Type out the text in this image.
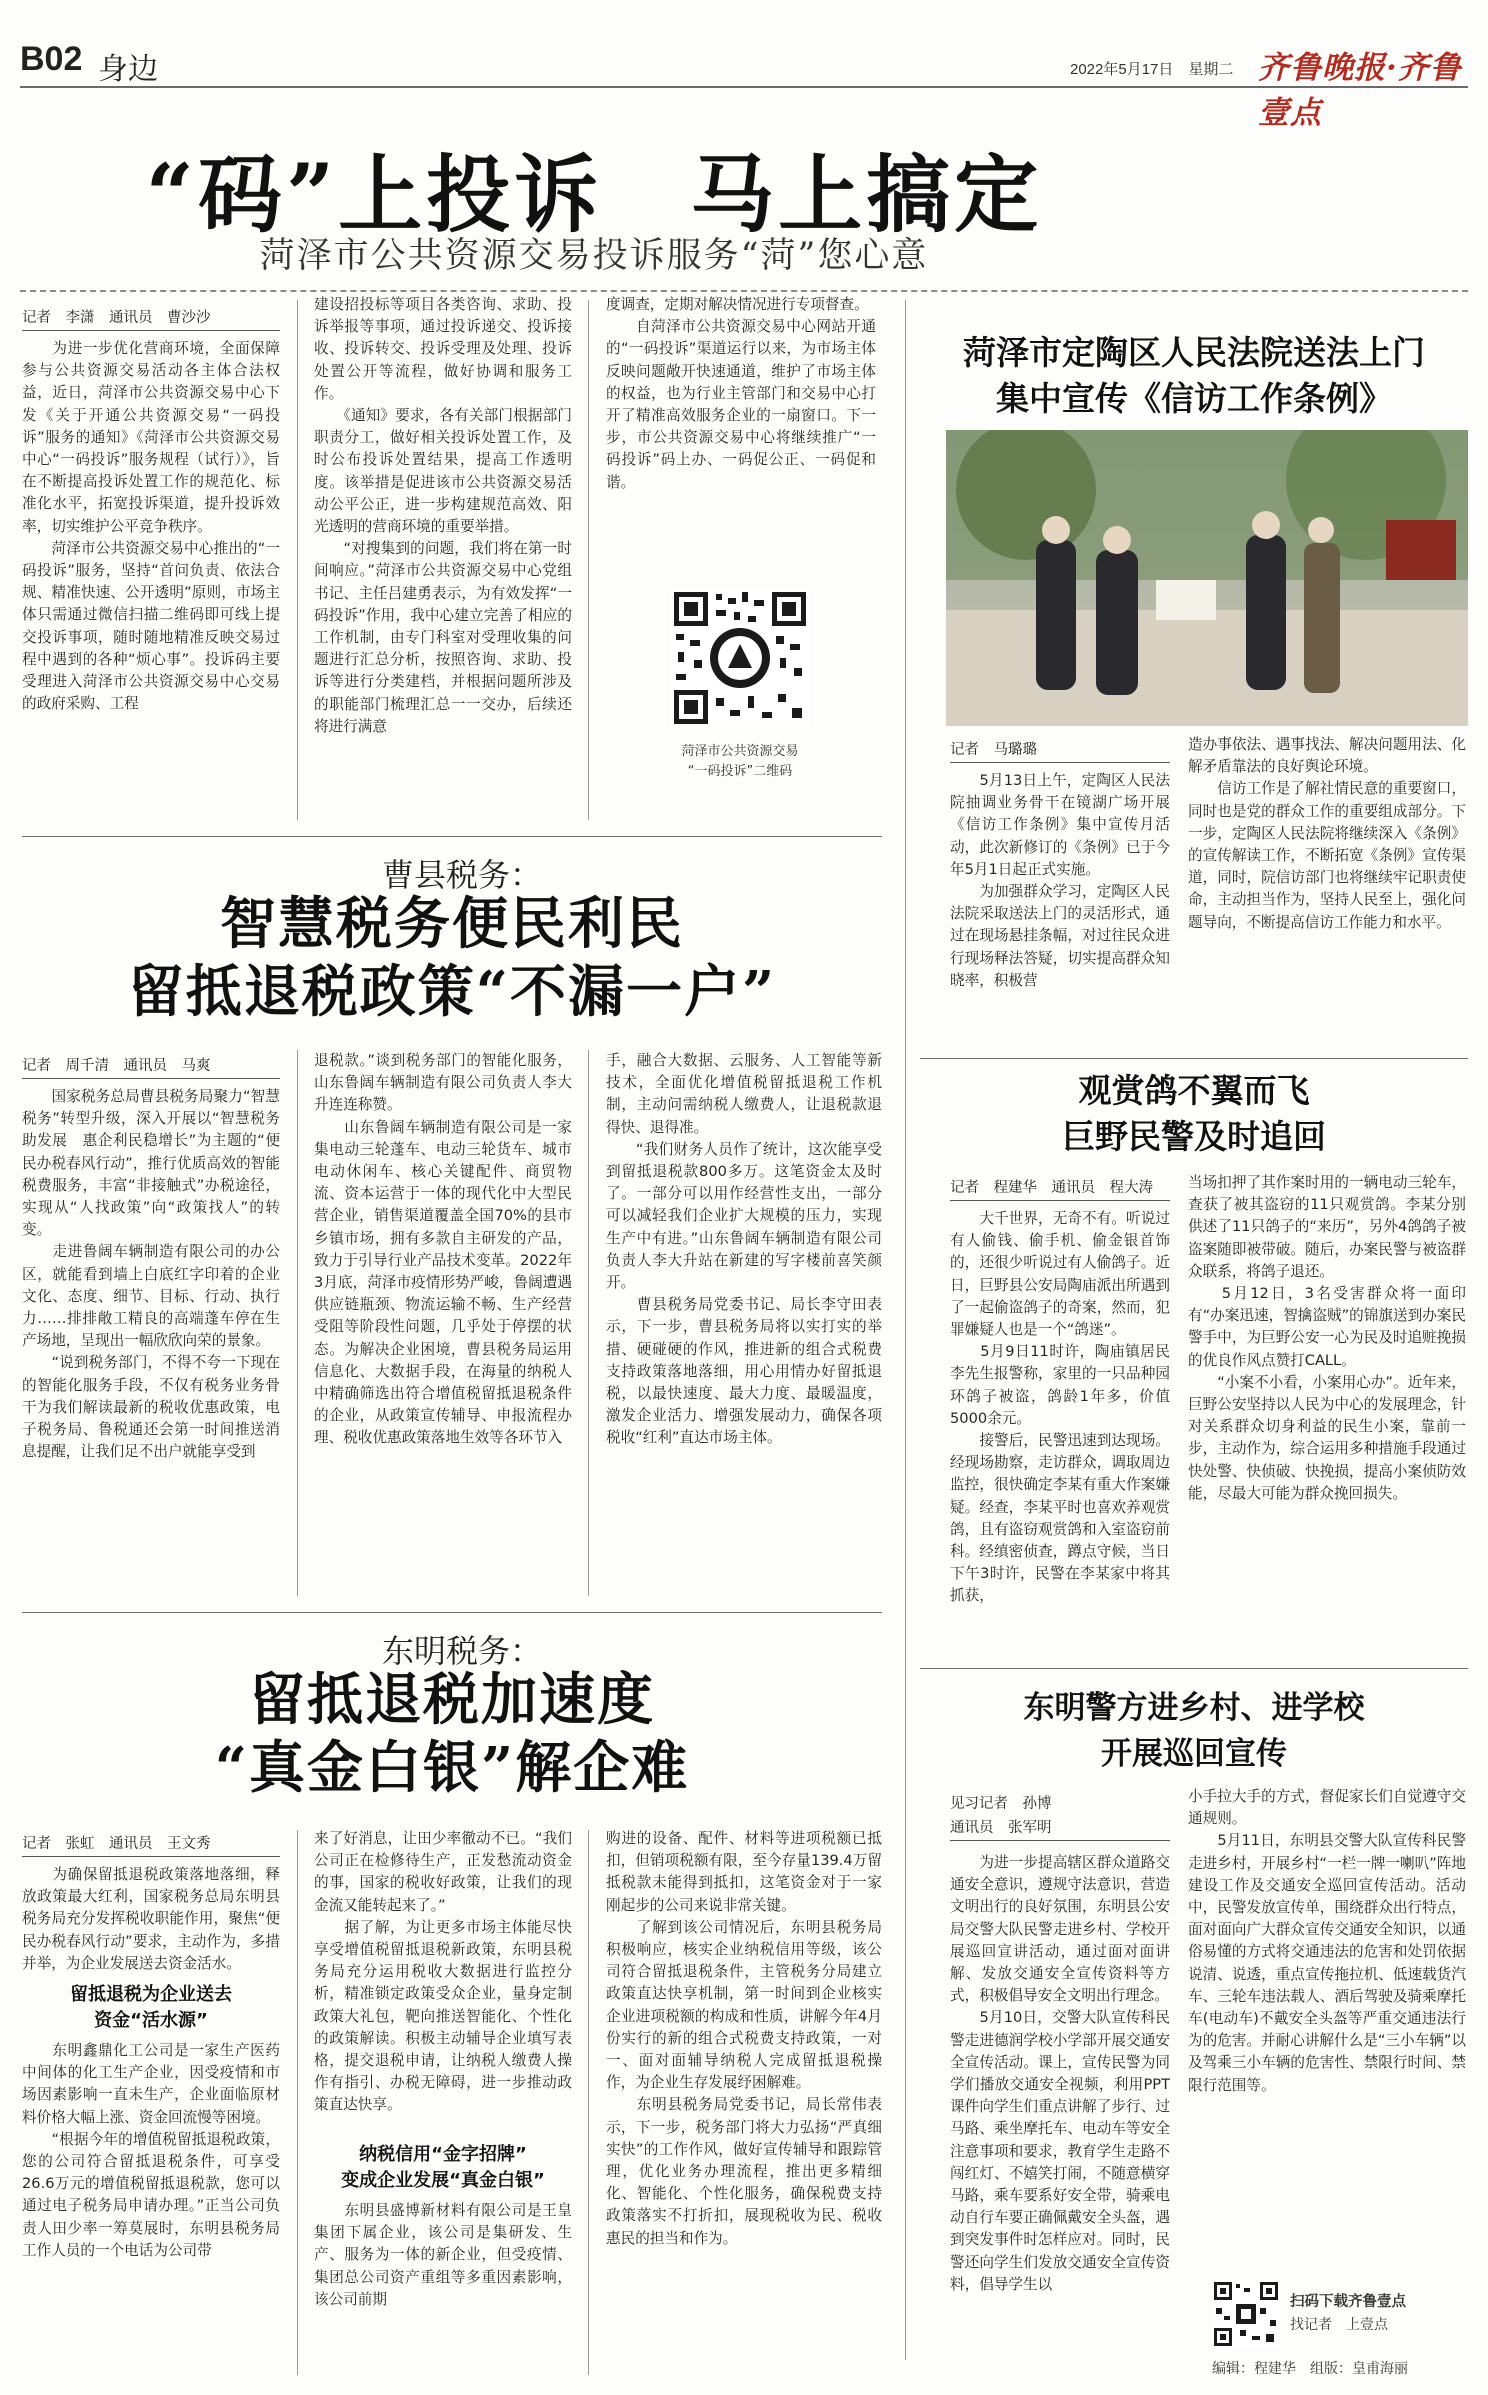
B02 身边	2022年5月17日　星期二 齐鲁晚报·齐鲁壹点
“码”上投诉　马上搞定
菏泽市公共资源交易投诉服务“菏”您心意
记者　李潇　通讯员　曹沙沙
　　为进一步优化营商环境，全面保障参与公共资源交易活动各主体合法权益，近日，菏泽市公共资源交易中心下发《关于开通公共资源交易“一码投诉”服务的通知》《菏泽市公共资源交易中心“一码投诉”服务规程（试行）》，旨在不断提高投诉处置工作的规范化、标准化水平，拓宽投诉渠道，提升投诉效率，切实维护公平竞争秩序。
　　菏泽市公共资源交易中心推出的“一码投诉”服务，坚持“首问负责、依法合规、精准快速、公开透明”原则，市场主体只需通过微信扫描二维码即可线上提交投诉事项，随时随地精准反映交易过程中遇到的各种“烦心事”。投诉码主要受理进入菏泽市公共资源交易中心交易的政府采购、工程
建设招投标等项目各类咨询、求助、投诉举报等事项，通过投诉递交、投诉接收、投诉转交、投诉受理及处理、投诉处置公开等流程，做好协调和服务工作。
　　《通知》要求，各有关部门根据部门职责分工，做好相关投诉处置工作，及时公布投诉处置结果，提高工作透明度。该举措是促进该市公共资源交易活动公平公正，进一步构建规范高效、阳光透明的营商环境的重要举措。
　　“对搜集到的问题，我们将在第一时间响应。”菏泽市公共资源交易中心党组书记、主任吕建勇表示，为有效发挥“一码投诉”作用，我中心建立完善了相应的工作机制，由专门科室对受理收集的问题进行汇总分析，按照咨询、求助、投诉等进行分类建档，并根据问题所涉及的职能部门梳理汇总一一交办，后续还将进行满意
度调查，定期对解决情况进行专项督查。
　　自菏泽市公共资源交易中心网站开通的“一码投诉”渠道运行以来，为市场主体反映问题敞开快速通道，维护了市场主体的权益，也为行业主管部门和交易中心打开了精准高效服务企业的一扇窗口。下一步，市公共资源交易中心将继续推广“一码投诉”码上办、一码促公正、一码促和谐。
菏泽市公共资源交易
“一码投诉”二维码
曹县税务：
智慧税务便民利民
留抵退税政策“不漏一户”
记者　周千清　通讯员　马爽
　　国家税务总局曹县税务局聚力“智慧税务”转型升级，深入开展以“智慧税务助发展　惠企利民稳增长”为主题的“便民办税春风行动”，推行优质高效的智能税费服务，丰富“非接触式”办税途径，实现从“人找政策”向“政策找人”的转变。
　　走进鲁阔车辆制造有限公司的办公区，就能看到墙上白底红字印着的企业文化、态度、细节、目标、行动、执行力……排排敞工精良的高端蓬车停在生产场地，呈现出一幅欣欣向荣的景象。
　　“说到税务部门，不得不夸一下现在的智能化服务手段，不仅有税务业务骨干为我们解读最新的税收优惠政策，电子税务局、鲁税通还会第一时间推送消息提醒，让我们足不出户就能享受到
退税款。”谈到税务部门的智能化服务，山东鲁阔车辆制造有限公司负责人李大升连连称赞。
　　山东鲁阔车辆制造有限公司是一家集电动三轮蓬车、电动三轮货车、城市电动休闲车、核心关键配件、商贸物流、资本运营于一体的现代化中大型民营企业，销售渠道覆盖全国70%的县市乡镇市场，拥有多款自主研发的产品，致力于引导行业产品技术变革。2022年3月底，菏泽市疫情形势严峻，鲁阔遭遇供应链瓶颈、物流运输不畅、生产经营受阻等阶段性问题，几乎处于停摆的状态。为解决企业困境，曹县税务局运用信息化、大数据手段，在海量的纳税人中精确筛选出符合增值税留抵退税条件的企业，从政策宣传辅导、申报流程办理、税收优惠政策落地生效等各环节入
手，融合大数据、云服务、人工智能等新技术，全面优化增值税留抵退税工作机制，主动问需纳税人缴费人，让退税款退得快、退得准。
　　“我们财务人员作了统计，这次能享受到留抵退税款800多万。这笔资金太及时了。一部分可以用作经营性支出，一部分可以减轻我们企业扩大规模的压力，实现生产中有进。”山东鲁阔车辆制造有限公司负责人李大升站在新建的写字楼前喜笑颜开。
　　曹县税务局党委书记、局长李守田表示，下一步，曹县税务局将以实打实的举措、硬碰硬的作风，推进新的组合式税费支持政策落地落细，用心用情办好留抵退税，以最快速度、最大力度、最暖温度，激发企业活力、增强发展动力，确保各项税收“红利”直达市场主体。
东明税务：
留抵退税加速度
“真金白银”解企难
记者　张虹　通讯员　王文秀
　　为确保留抵退税政策落地落细，释放政策最大红利，国家税务总局东明县税务局充分发挥税收职能作用，聚焦“便民办税春风行动”要求，主动作为，多措并举，为企业发展送去资金活水。
留抵退税为企业送去
资金“活水源”
　　东明鑫鼎化工公司是一家生产医药中间体的化工生产企业，因受疫情和市场因素影响一直未生产，企业面临原材料价格大幅上涨、资金回流慢等困境。
　　“根据今年的增值税留抵退税政策，您的公司符合留抵退税条件，可享受26.6万元的增值税留抵退税款，您可以通过电子税务局申请办理。”正当公司负责人田少率一筹莫展时，东明县税务局工作人员的一个电话为公司带
来了好消息，让田少率徹动不已。“我们公司正在检修待生产，正发愁流动资金的事，国家的税收好政策，让我们的现金流又能转起来了。”
　　据了解，为让更多市场主体能尽快享受增值税留抵退税新政策，东明县税务局充分运用税收大数据进行监控分析，精准锁定政策受众企业，量身定制政策大礼包，靶向推送智能化、个性化的政策解读。积极主动辅导企业填写表格，提交退税申请，让纳税人缴费人操作有指引、办税无障碍，进一步推动政策直达快享。
纳税信用“金字招牌”
变成企业发展“真金白银”
　　东明县盛博新材料有限公司是王皇集团下属企业，该公司是集研发、生产、服务为一体的新企业，但受疫情、集团总公司资产重组等多重因素影响，该公司前期
购进的设备、配件、材料等进项税额已抵扣，但销项税额有限，至今存量139.4万留抵税款未能得到抵扣，这笔资金对于一家刚起步的公司来说非常关键。
　　了解到该公司情况后，东明县税务局积极响应，核实企业纳税信用等级，该公司符合留抵退税条件，主管税务分局建立政策直达快享机制，第一时间到企业核实企业进项税额的构成和性质，讲解今年4月份实行的新的组合式税费支持政策，一对一、面对面辅导纳税人完成留抵退税操作，为企业生存发展纾困解难。
　　东明县税务局党委书记，局长常伟表示，下一步，税务部门将大力弘扬“严真细实快”的工作作风，做好宣传辅导和跟踪管理，优化业务办理流程，推出更多精细化、智能化、个性化服务，确保税费支持政策落实不打折扣，展现税收为民、税收惠民的担当和作为。
菏泽市定陶区人民法院送法上门
集中宣传《信访工作条例》
记者　马璐璐
　　5月13日上午，定陶区人民法院抽调业务骨干在镜湖广场开展《信访工作条例》集中宣传月活动，此次新修订的《条例》已于今年5月1日起正式实施。
　　为加强群众学习，定陶区人民法院采取送法上门的灵活形式，通过在现场悬挂条幅，对过往民众进行现场释法答疑，切实提高群众知晓率，积极营
造办事依法、遇事找法、解决问题用法、化解矛盾靠法的良好舆论环境。
　　信访工作是了解社情民意的重要窗口，同时也是党的群众工作的重要组成部分。下一步，定陶区人民法院将继续深入《条例》的宣传解读工作，不断拓宽《条例》宣传渠道，同时，院信访部门也将继续牢记职责使命，主动担当作为，坚持人民至上，强化问题导向，不断提高信访工作能力和水平。
观赏鸽不翼而飞
巨野民警及时追回
记者　程建华　通讯员　程大涛
　　大千世界，无奇不有。听说过有人偷钱、偷手机、偷金银首饰的，还很少听说过有人偷鸽子。近日，巨野县公安局陶庙派出所遇到了一起偷盗鸽子的奇案，然而，犯罪嫌疑人也是一个“鸽迷”。
　　5月9日11时许，陶庙镇居民李先生报警称，家里的一只品种园环鸽子被盗，鸽龄1年多，价值5000余元。
　　接警后，民警迅速到达现场。经现场勘察，走访群众，调取周边监控，很快确定李某有重大作案嫌疑。经查，李某平时也喜欢养观赏鸽，且有盗窃观赏鸽和入室盗窃前科。经缜密侦查，蹲点守候，当日下午3时许，民警在李某家中将其抓获，
当场扣押了其作案时用的一辆电动三轮车，查获了被其盗窃的11只观赏鸽。李某分别供述了11只鸽子的“来历”，另外4鸽鸽子被盗案随即被带破。随后，办案民警与被盗群众联系，将鸽子退还。
　　5月12日，3名受害群众将一面印有“办案迅速，智擒盗贼”的锦旗送到办案民警手中，为巨野公安一心为民及时追赃挽损的优良作风点赞打CALL。
　　“小案不小看，小案用心办”。近年来，巨野公安坚持以人民为中心的发展理念，针对关系群众切身利益的民生小案，靠前一步，主动作为，综合运用多种措施手段通过快处警、快侦破、快挽损，提高小案侦防效能，尽最大可能为群众挽回损失。
东明警方进乡村、进学校
开展巡回宣传
见习记者　孙博
通讯员　张军明
　　为进一步提高辖区群众道路交通安全意识，遵规守法意识，营造文明出行的良好氛围，东明县公安局交警大队民警走进乡村、学校开展巡回宣讲活动，通过面对面讲解、发放交通安全宣传资料等方式，积极倡导安全文明出行理念。
　　5月10日，交警大队宣传科民警走进德润学校小学部开展交通安全宣传活动。课上，宣传民警为同学们播放交通安全视频，利用PPT课件向学生们重点讲解了步行、过马路、乘坐摩托车、电动车等安全注意事项和要求，教育学生走路不闯红灯、不嬉笑打闹，不随意横穿马路，乘车要系好安全带，骑乘电动自行车要正确佩戴安全头盔，遇到突发事件时怎样应对。同时，民警还向学生们发放交通安全宣传资料，倡导学生以
小手拉大手的方式，督促家长们自觉遵守交通规则。
　　5月11日，东明县交警大队宣传科民警走进乡村，开展乡村“一栏一牌一喇叭”阵地建设工作及交通安全巡回宣传活动。活动中，民警发放宣传单，围绕群众出行特点，面对面向广大群众宣传交通安全知识，以通俗易懂的方式将交通违法的危害和处罚依据说清、说透，重点宣传拖拉机、低速载货汽车、三轮车违法载人、酒后驾驶及骑乘摩托车(电动车)不戴安全头盔等严重交通违法行为的危害。并耐心讲解什么是“三小车辆”以及驾乘三小车辆的危害性、禁限行时间、禁限行范围等。
扫码下载齐鲁壹点
找记者　上壹点
编辑：程建华　组版：皇甫海丽
